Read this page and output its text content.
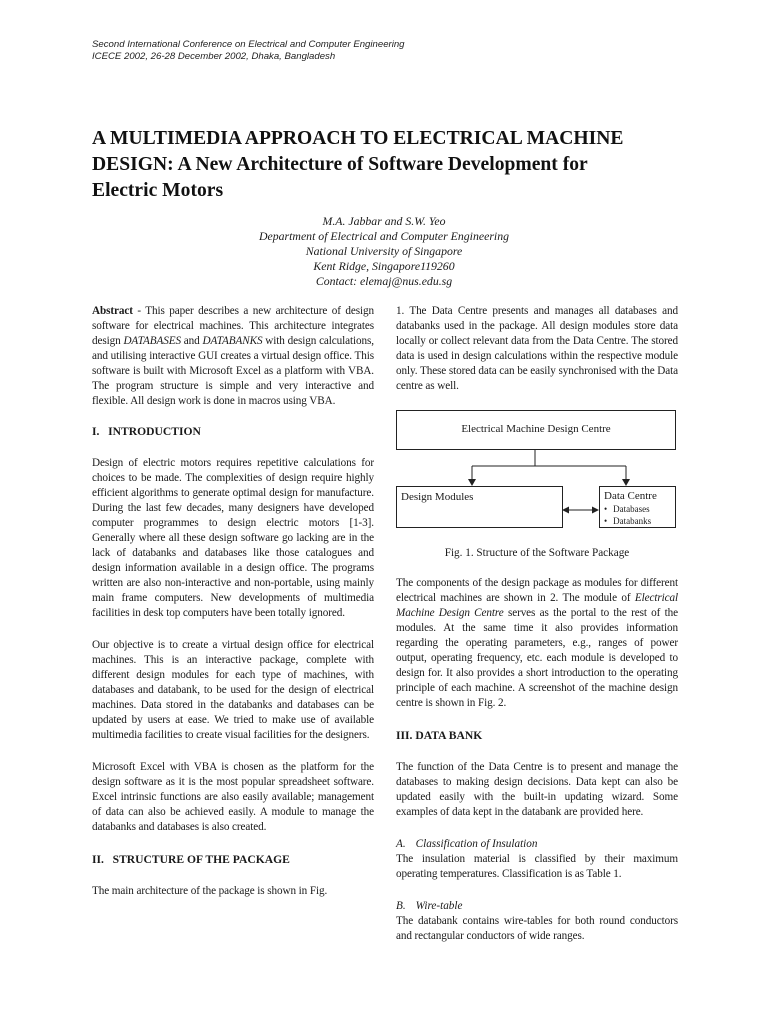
Second International Conference on Electrical and Computer Engineering
ICECE 2002, 26-28 December 2002, Dhaka, Bangladesh
A MULTIMEDIA APPROACH TO ELECTRICAL MACHINE
DESIGN: A New Architecture of Software Development for
Electric Motors
M.A. Jabbar and S.W. Yeo
Department of Electrical and Computer Engineering
National University of Singapore
Kent Ridge, Singapore119260
Contact: elemaj@nus.edu.sg

Abstract - This paper describes a new architecture of design software for electrical machines. This architecture integrates design DATABASES and DATABANKS with design calculations, and utilising interactive GUI creates a virtual design office. This software is built with Microsoft Excel as a platform with VBA. The program structure is simple and very interactive and flexible. All design work is done in macros using VBA.

I.   INTRODUCTION

Design of electric motors requires repetitive calculations for choices to be made. The complexities of design require highly efficient algorithms to generate optimal design for manufacture. During the last few decades, many designers have developed computer programmes to design electric motors [1-3]. Generally where all these design software go lacking are in the lack of databanks and databases like those catalogues and design information available in a design office. The programs written are also non-interactive and non-portable, using mainly main frame computers. New developments of multimedia facilities in desk top computers have been totally ignored.

Our objective is to create a virtual design office for electrical machines. This is an interactive package, complete with different design modules for each type of machines, with databases and databank, to be used for the design of electrical machines. Data stored in the databanks and databases can be updated by users at ease. We tried to make use of available multimedia facilities to create visual facilities for the designers.

Microsoft Excel with VBA is chosen as the platform for the design software as it is the most popular spreadsheet software. Excel intrinsic functions are also easily available; management of data can also be achieved easily. A module to manage the databanks and databases is also created.

II.   STRUCTURE OF THE PACKAGE

The main architecture of the package is shown in Fig.

1. The Data Centre presents and manages all databases and databanks used in the package. All design modules store data locally or collect relevant data from the Data Centre. The stored data is used in design calculations within the respective module only. These stored data can be easily synchronised with the Data centre as well.

Electrical Machine Design Centre
Design Modules	Data Centre
• Databases
• Databanks
Fig. 1. Structure of the Software Package

The components of the design package as modules for different electrical machines are shown in 2. The module of Electrical Machine Design Centre serves as the portal to the rest of the modules. At the same time it also provides information regarding the operating parameters, e.g., ranges of power output, operating frequency, etc. each module is developed to design for. It also provides a short introduction to the operating principle of each machine. A screenshot of the machine design centre is shown in Fig. 2.

III. DATA BANK

The function of the Data Centre is to present and manage the databases to making design decisions. Data kept can also be updated easily with the built-in updating wizard. Some examples of data kept in the databank are provided here.

A. Classification of Insulation

The insulation material is classified by their maximum operating temperatures. Classification is as Table 1.

B. Wire-table

The databank contains wire-tables for both round conductors and rectangular conductors of wide ranges.
